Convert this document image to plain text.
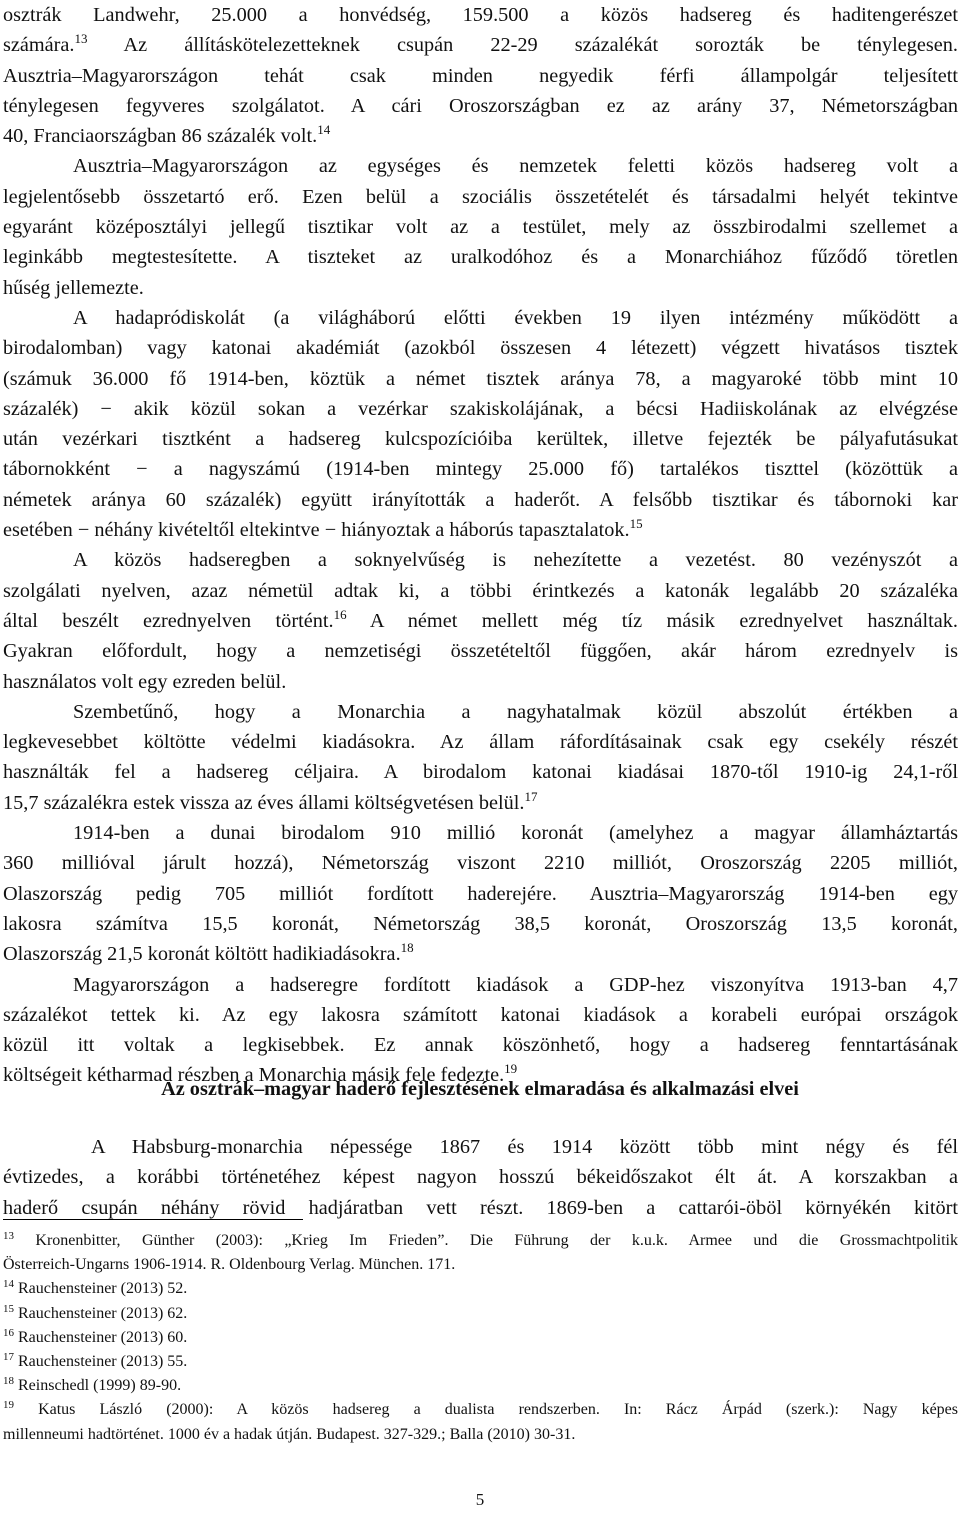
osztrák Landwehr, 25.000 a honvédség, 159.500 a közös hadsereg és haditengerészet
számára.$^{13}$ Az állításkötelezetteknek csupán 22-29 százalékát sorozták be ténylegesen.
Ausztria–Magyarországon tehát csak minden negyedik férfi állampolgár teljesített
ténylegesen fegyveres szolgálatot. A cári Oroszországban ez az arány 37, Németországban
40, Franciaországban 86 százalék volt.$^{14}$
Ausztria–Magyarországon az egységes és nemzetek feletti közös hadsereg volt a
legjelentősebb összetartó erő. Ezen belül a szociális összetételét és társadalmi helyét tekintve
egyaránt középosztályi jellegű tisztikar volt az a testület, mely az összbirodalmi szellemet a
leginkább megtestesítette. A tiszteket az uralkodóhoz és a Monarchiához fűződő töretlen
hűség jellemezte.
A hadapródiskolát (a világháború előtti években 19 ilyen intézmény működött a
birodalomban) vagy katonai akadémiát (azokból összesen 4 létezett) végzett hivatásos tisztek
(számuk 36.000 fő 1914-ben, köztük a német tisztek aránya 78, a magyaroké több mint 10
százalék) − akik közül sokan a vezérkar szakiskolájának, a bécsi Hadiiskolának az elvégzése
után vezérkari tisztként a hadsereg kulcspozícióiba kerültek, illetve fejezték be pályafutásukat
tábornokként − a nagyszámú (1914-ben mintegy 25.000 fő) tartalékos tiszttel (közöttük a
németek aránya 60 százalék) együtt irányították a haderőt. A felsőbb tisztikar és tábornoki kar
esetében − néhány kivételtől eltekintve − hiányoztak a háborús tapasztalatok.$^{15}$
A közös hadseregben a soknyelvűség is nehezítette a vezetést. 80 vezényszót a
szolgálati nyelven, azaz németül adtak ki, a többi érintkezés a katonák legalább 20 százaléka
által beszélt ezrednyelven történt.$^{16}$ A német mellett még tíz másik ezrednyelvet használtak.
Gyakran előfordult, hogy a nemzetiségi összetételtől függően, akár három ezrednyelv is
használatos volt egy ezreden belül.
Szembetűnő, hogy a Monarchia a nagyhatalmak közül abszolút értékben a
legkevesebbet költötte védelmi kiadásokra. Az állam ráfordításainak csak egy csekély részét
használták fel a hadsereg céljaira. A birodalom katonai kiadásai 1870-től 1910-ig 24,1-ről
15,7 százalékra estek vissza az éves állami költségvetésen belül.$^{17}$
1914-ben a dunai birodalom 910 millió koronát (amelyhez a magyar államháztartás
360 millióval járult hozzá), Németország viszont 2210 milliót, Oroszország 2205 milliót,
Olaszország pedig 705 milliót fordított haderejére. Ausztria–Magyarország 1914-ben egy
lakosra számítva 15,5 koronát, Németország 38,5 koronát, Oroszország 13,5 koronát,
Olaszország 21,5 koronát költött hadikiadásokra.$^{18}$
Magyarországon a hadseregre fordított kiadások a GDP-hez viszonyítva 1913-ban 4,7
százalékot tettek ki. Az egy lakosra számított katonai kiadások a korabeli európai országok
közül itt voltak a legkisebbek. Ez annak köszönhető, hogy a hadsereg fenntartásának
költségeit kétharmad részben a Monarchia másik fele fedezte.$^{19}$
Az osztrák–magyar haderő fejlesztésének elmaradása és alkalmazási elvei
A Habsburg-monarchia népessége 1867 és 1914 között több mint négy és fél
évtizedes, a korábbi történetéhez képest nagyon hosszú békeidőszakot élt át. A korszakban a
haderő csupán néhány rövid hadjáratban vett részt. 1869-ben a cattarói-öböl környékén kitört
$^{13}$ Kronenbitter, Günther (2003): „Krieg Im Frieden”. Die Führung der k.u.k. Armee und die Grossmachtpolitik
Österreich-Ungarns 1906-1914. R. Oldenbourg Verlag. München. 171.
$^{14}$ Rauchensteiner (2013) 52.
$^{15}$ Rauchensteiner (2013) 62.
$^{16}$ Rauchensteiner (2013) 60.
$^{17}$ Rauchensteiner (2013) 55.
$^{18}$ Reinschedl (1999) 89-90.
$^{19}$ Katus László (2000): A közös hadsereg a dualista rendszerben. In: Rácz Árpád (szerk.): Nagy képes
millenneumi hadtörténet. 1000 év a hadak útján. Budapest. 327-329.; Balla (2010) 30-31.
5
